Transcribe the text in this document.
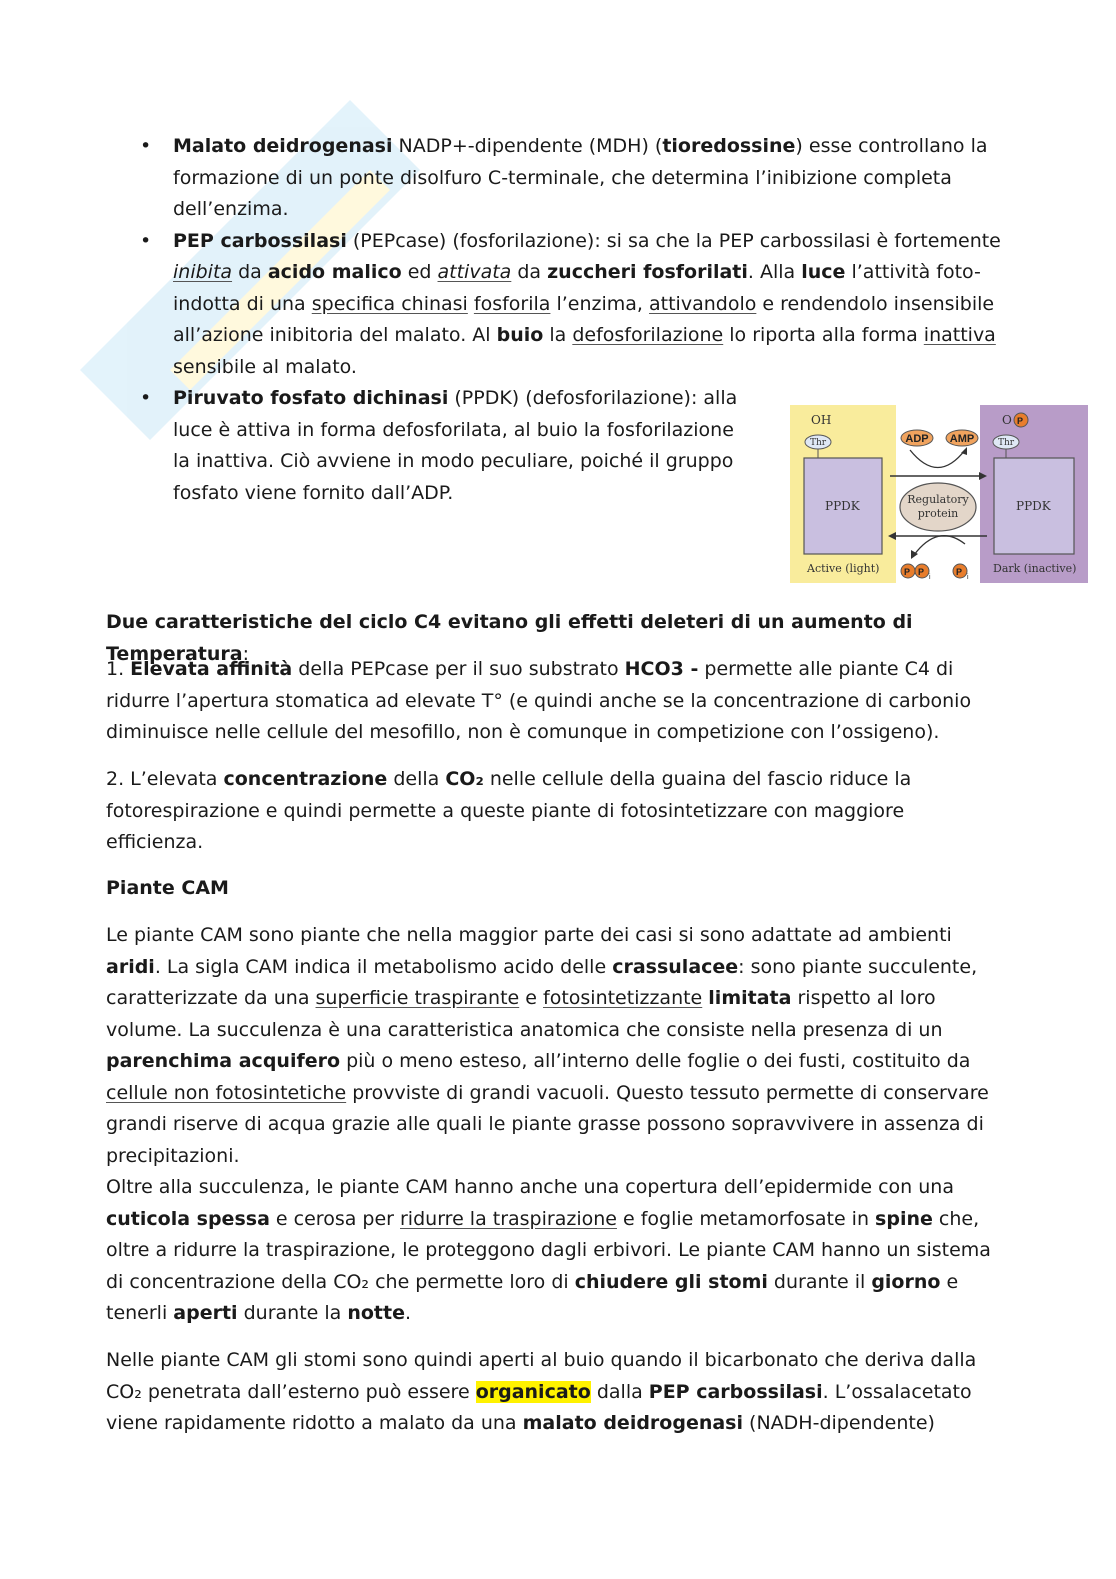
• Malato deidrogenasi NADP+-dipendente (MDH) (tioredossine) esse controllano la formazione di un ponte disolfuro C-terminale, che determina l’inibizione completa dell’enzima.
• PEP carbossilasi (PEPcase) (fosforilazione): si sa che la PEP carbossilasi è fortemente inibita da acido malico ed attivata da zuccheri fosforilati. Alla luce l’attività foto-indotta di una specifica chinasi fosforila l’enzima, attivandolo e rendendolo insensibile all’azione inibitoria del malato. Al buio la defosforilazione lo riporta alla forma inattiva sensibile al malato.
• Piruvato fosfato dichinasi (PPDK) (defosforilazione): alla luce è attiva in forma defosforilata, al buio la fosforilazione la inattiva. Ciò avviene in modo peculiare, poiché il gruppo fosfato viene fornito dall’ADP.
OH
Thr
PPDK
Active (light)
O P
Thr
PPDK
Dark (inactive)
Regulatory
protein
ADP AMP
P P
i
P
i

Due caratteristiche del ciclo C4 evitano gli effetti deleteri di un aumento di Temperatura:

1. Elevata affinità della PEPcase per il suo substrato HCO3 - permette alle piante C4 di ridurre l’apertura stomatica ad elevate T° (e quindi anche se la concentrazione di carbonio diminuisce nelle cellule del mesofillo, non è comunque in competizione con l’ossigeno).

2. L’elevata concentrazione della CO₂ nelle cellule della guaina del fascio riduce la fotorespirazione e quindi permette a queste piante di fotosintetizzare con maggiore efficienza.

Piante CAM

Le piante CAM sono piante che nella maggior parte dei casi si sono adattate ad ambienti aridi. La sigla CAM indica il metabolismo acido delle crassulacee: sono piante succulente, caratterizzate da una superficie traspirante e fotosintetizzante limitata rispetto al loro volume. La succulenza è una caratteristica anatomica che consiste nella presenza di un parenchima acquifero più o meno esteso, all’interno delle foglie o dei fusti, costituito da cellule non fotosintetiche provviste di grandi vacuoli. Questo tessuto permette di conservare grandi riserve di acqua grazie alle quali le piante grasse possono sopravvivere in assenza di precipitazioni.
Oltre alla succulenza, le piante CAM hanno anche una copertura dell’epidermide con una cuticola spessa e cerosa per ridurre la traspirazione e foglie metamorfosate in spine che, oltre a ridurre la traspirazione, le proteggono dagli erbivori. Le piante CAM hanno un sistema di concentrazione della CO₂ che permette loro di chiudere gli stomi durante il giorno e tenerli aperti durante la notte.

Nelle piante CAM gli stomi sono quindi aperti al buio quando il bicarbonato che deriva dalla CO₂ penetrata dall’esterno può essere organicato dalla PEP carbossilasi. L’ossalacetato viene rapidamente ridotto a malato da una malato deidrogenasi (NADH-dipendente)
